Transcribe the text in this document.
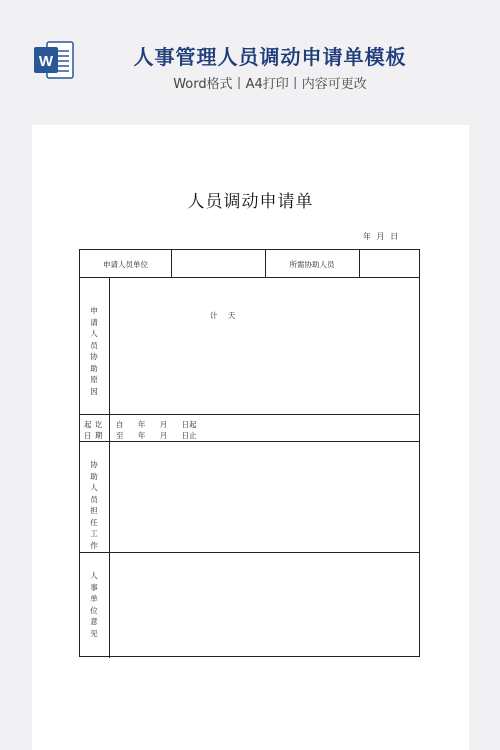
W	人事管理人员调动申请单模板
Word格式丨A4打印丨内容可更改
人员调动申请单
年 月 日
申请人员单位	所需协助人员
申请人员协助原因
计 天
起 讫
日 期
自 年 月 日起
至 年 月 日止
协助人员担任工作
人事单位意见
